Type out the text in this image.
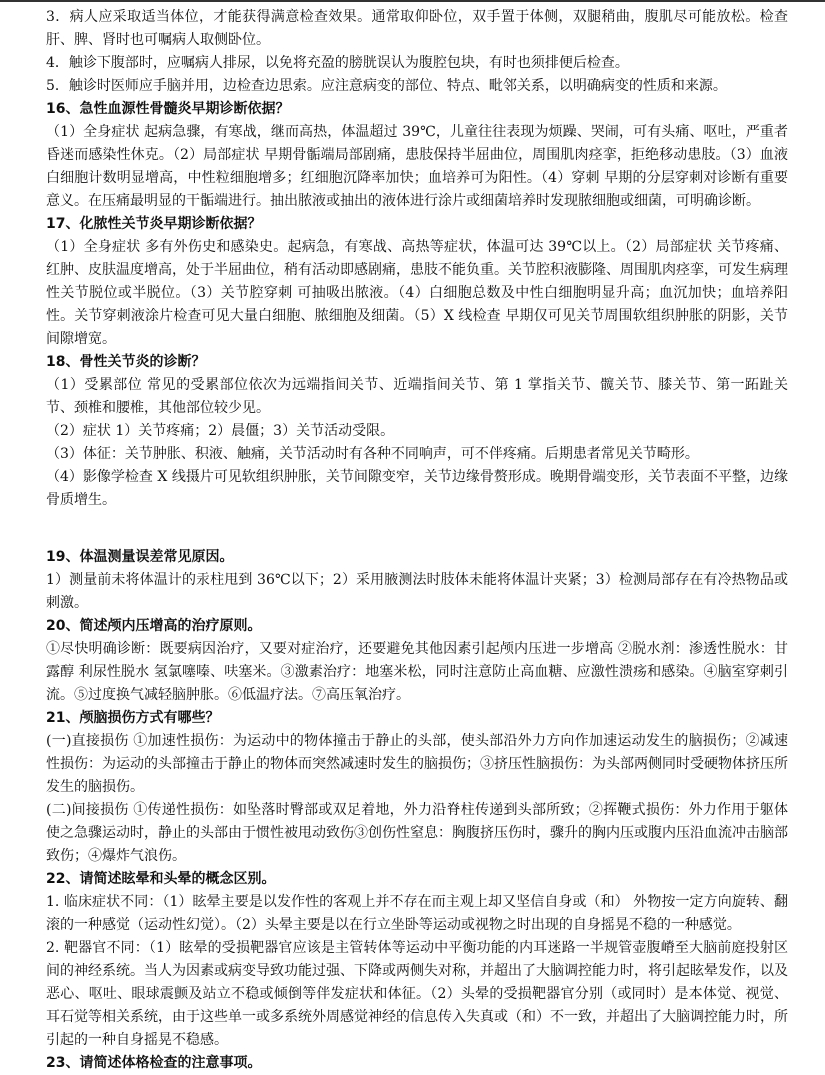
3．病人应采取适当体位，才能获得满意检查效果。通常取仰卧位，双手置于体侧，双腿稍曲，腹肌尽可能放松。检查肝、脾、肾时也可嘱病人取侧卧位。
4．触诊下腹部时，应嘱病人排尿，以免将充盈的膀胱误认为腹腔包块，有时也须排便后检查。
5．触诊时医师应手脑并用，边检查边思索。应注意病变的部位、特点、毗邻关系，以明确病变的性质和来源。
16、急性血源性骨髓炎早期诊断依据？
（1）全身症状 起病急骤，有寒战，继而高热，体温超过 39℃，儿童往往表现为烦躁、哭闹，可有头痛、呕吐，严重者昏迷而感染性休克。（2）局部症状 早期骨骺端局部剧痛，患肢保持半屈曲位，周围肌肉痉挛，拒绝移动患肢。（3）血液 白细胞计数明显增高，中性粒细胞增多；红细胞沉降率加快；血培养可为阳性。（4）穿刺 早期的分层穿刺对诊断有重要意义。在压痛最明显的干骺端进行。抽出脓液或抽出的液体进行涂片或细菌培养时发现脓细胞或细菌，可明确诊断。
17、化脓性关节炎早期诊断依据？
（1）全身症状 多有外伤史和感染史。起病急，有寒战、高热等症状，体温可达 39℃以上。（2）局部症状 关节疼痛、红肿、皮肤温度增高，处于半屈曲位，稍有活动即感剧痛，患肢不能负重。关节腔积液膨隆、周围肌肉痉挛，可发生病理性关节脱位或半脱位。（3）关节腔穿刺 可抽吸出脓液。（4）白细胞总数及中性白细胞明显升高；血沉加快；血培养阳性。关节穿刺液涂片检查可见大量白细胞、脓细胞及细菌。（5）X 线检查 早期仅可见关节周围软组织肿胀的阴影，关节间隙增宽。
18、骨性关节炎的诊断？
（1）受累部位 常见的受累部位依次为远端指间关节、近端指间关节、第 1 掌指关节、髋关节、膝关节、第一跖趾关节、颈椎和腰椎，其他部位较少见。
（2）症状 1）关节疼痛；2）晨僵；3）关节活动受限。
（3）体征：关节肿胀、积液、触痛，关节活动时有各种不同响声，可不伴疼痛。后期患者常见关节畸形。
（4）影像学检查 X 线摄片可见软组织肿胀，关节间隙变窄，关节边缘骨赘形成。晚期骨端变形，关节表面不平整，边缘骨质增生。
19、体温测量误差常见原因。
1）测量前未将体温计的汞柱甩到 36℃以下；2）采用腋测法时肢体未能将体温计夹紧；3）检测局部存在有冷热物品或刺激。
20、简述颅内压增高的治疗原则。
①尽快明确诊断：既要病因治疗，又要对症治疗，还要避免其他因素引起颅内压进一步增高 ②脱水剂：渗透性脱水：甘露醇 利尿性脱水 氢氯噻嗪、呋塞米。③激素治疗：地塞米松，同时注意防止高血糖、应激性溃疡和感染。④脑室穿刺引流。⑤过度换气减轻脑肿胀。⑥低温疗法。⑦高压氧治疗。
21、颅脑损伤方式有哪些？
(一)直接损伤 ①加速性损伤：为运动中的物体撞击于静止的头部，使头部沿外力方向作加速运动发生的脑损伤；②减速性损伤：为运动的头部撞击于静止的物体而突然减速时发生的脑损伤；③挤压性脑损伤：为头部两侧同时受硬物体挤压所发生的脑损伤。
(二)间接损伤 ①传递性损伤：如坠落时臀部或双足着地，外力沿脊柱传递到头部所致；②挥鞭式损伤：外力作用于躯体使之急骤运动时，静止的头部由于惯性被甩动致伤③创伤性窒息：胸腹挤压伤时，骤升的胸内压或腹内压沿血流冲击脑部致伤；④爆炸气浪伤。
22、请简述眩晕和头晕的概念区别。
1. 临床症状不同：（1）眩晕主要是以发作性的客观上并不存在而主观上却又坚信自身或（和） 外物按一定方向旋转、翻滚的一种感觉（运动性幻觉）。（2）头晕主要是以在行立坐卧等运动或视物之时出现的自身摇晃不稳的一种感觉。
2. 靶器官不同：（1）眩晕的受损靶器官应该是主管转体等运动中平衡功能的内耳迷路一半规管壶腹嵴至大脑前庭投射区间的神经系统。当人为因素或病变导致功能过强、下降或两侧失对称，并超出了大脑调控能力时，将引起眩晕发作，以及恶心、呕吐、眼球震颤及站立不稳或倾倒等伴发症状和体征。（2）头晕的受损靶器官分别（或同时）是本体觉、视觉、耳石觉等相关系统，由于这些单一或多系统外周感觉神经的信息传入失真或（和）不一致，并超出了大脑调控能力时，所引起的一种自身摇晃不稳感。
23、请简述体格检查的注意事项。
